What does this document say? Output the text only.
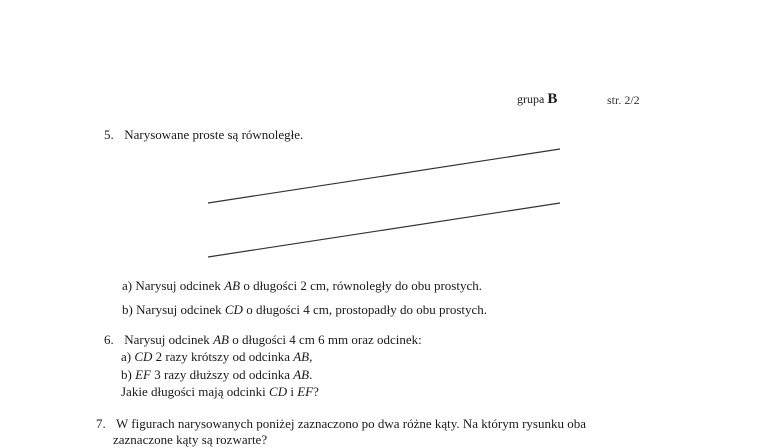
grupa B	str. 2/2
5. Narysowane proste są równoległe.
a) Narysuj odcinek AB o długości 2 cm, równoległy do obu prostych.
b) Narysuj odcinek CD o długości 4 cm, prostopadły do obu prostych.
6. Narysuj odcinek AB o długości 4 cm 6 mm oraz odcinek:
a) CD 2 razy krótszy od odcinka AB,
b) EF 3 razy dłuższy od odcinka AB.
Jakie długości mają odcinki CD i EF?
7. W figurach narysowanych poniżej zaznaczono po dwa różne kąty. Na którym rysunku oba
zaznaczone kąty są rozwarte?
